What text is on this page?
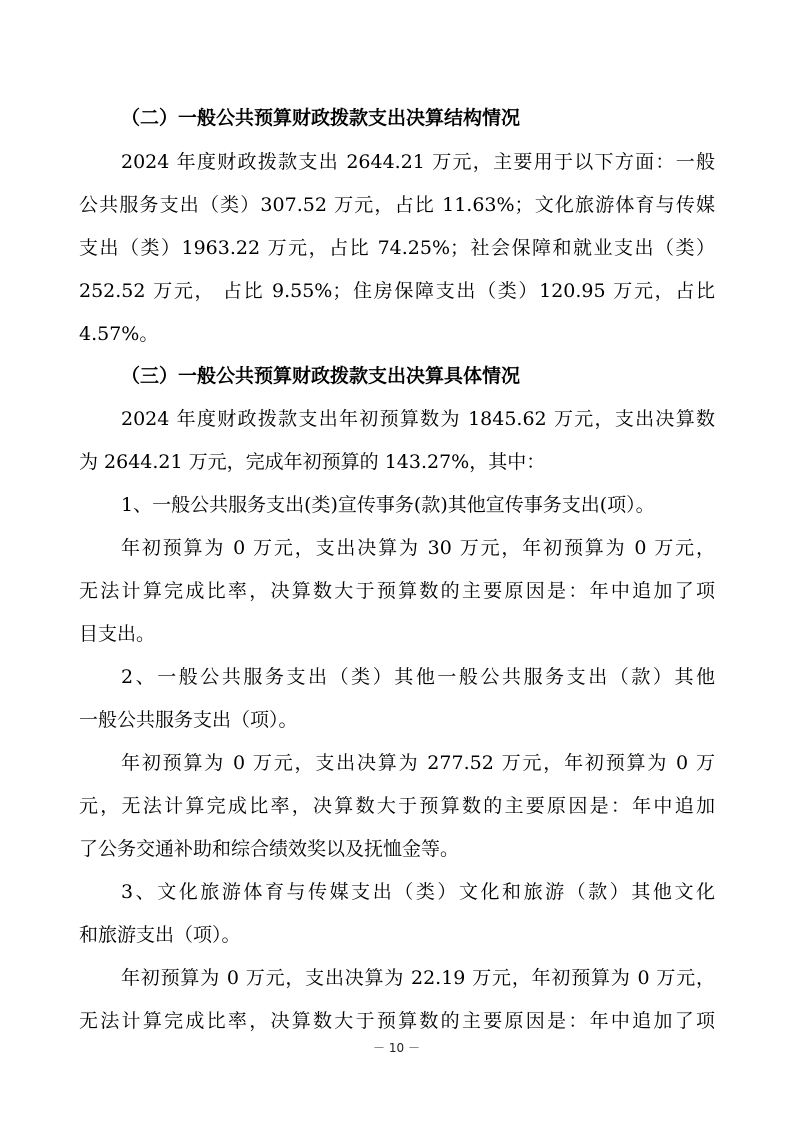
（二）一般公共预算财政拨款支出决算结构情况
2024 年度财政拨款支出 2644.21 万元，主要用于以下方面：一般
公共服务支出（类）307.52 万元，占比 11.63%；文化旅游体育与传媒
支出（类）1963.22 万元，占比 74.25%；社会保障和就业支出（类）
252.52 万元， 占比 9.55%；住房保障支出（类）120.95 万元，占比
4.57%。
（三）一般公共预算财政拨款支出决算具体情况
2024 年度财政拨款支出年初预算数为 1845.62 万元，支出决算数
为 2644.21 万元，完成年初预算的 143.27%，其中：
1、一般公共服务支出(类)宣传事务(款)其他宣传事务支出(项）。
年初预算为 0 万元，支出决算为 30 万元，年初预算为 0 万元，
无法计算完成比率，决算数大于预算数的主要原因是：年中追加了项
目支出。
2、一般公共服务支出（类）其他一般公共服务支出（款）其他
一般公共服务支出（项）。
年初预算为 0 万元，支出决算为 277.52 万元，年初预算为 0 万
元，无法计算完成比率，决算数大于预算数的主要原因是：年中追加
了公务交通补助和综合绩效奖以及抚恤金等。
3、文化旅游体育与传媒支出（类）文化和旅游（款）其他文化
和旅游支出（项）。
年初预算为 0 万元，支出决算为 22.19 万元，年初预算为 0 万元，
无法计算完成比率，决算数大于预算数的主要原因是：年中追加了项
－ 10 －
